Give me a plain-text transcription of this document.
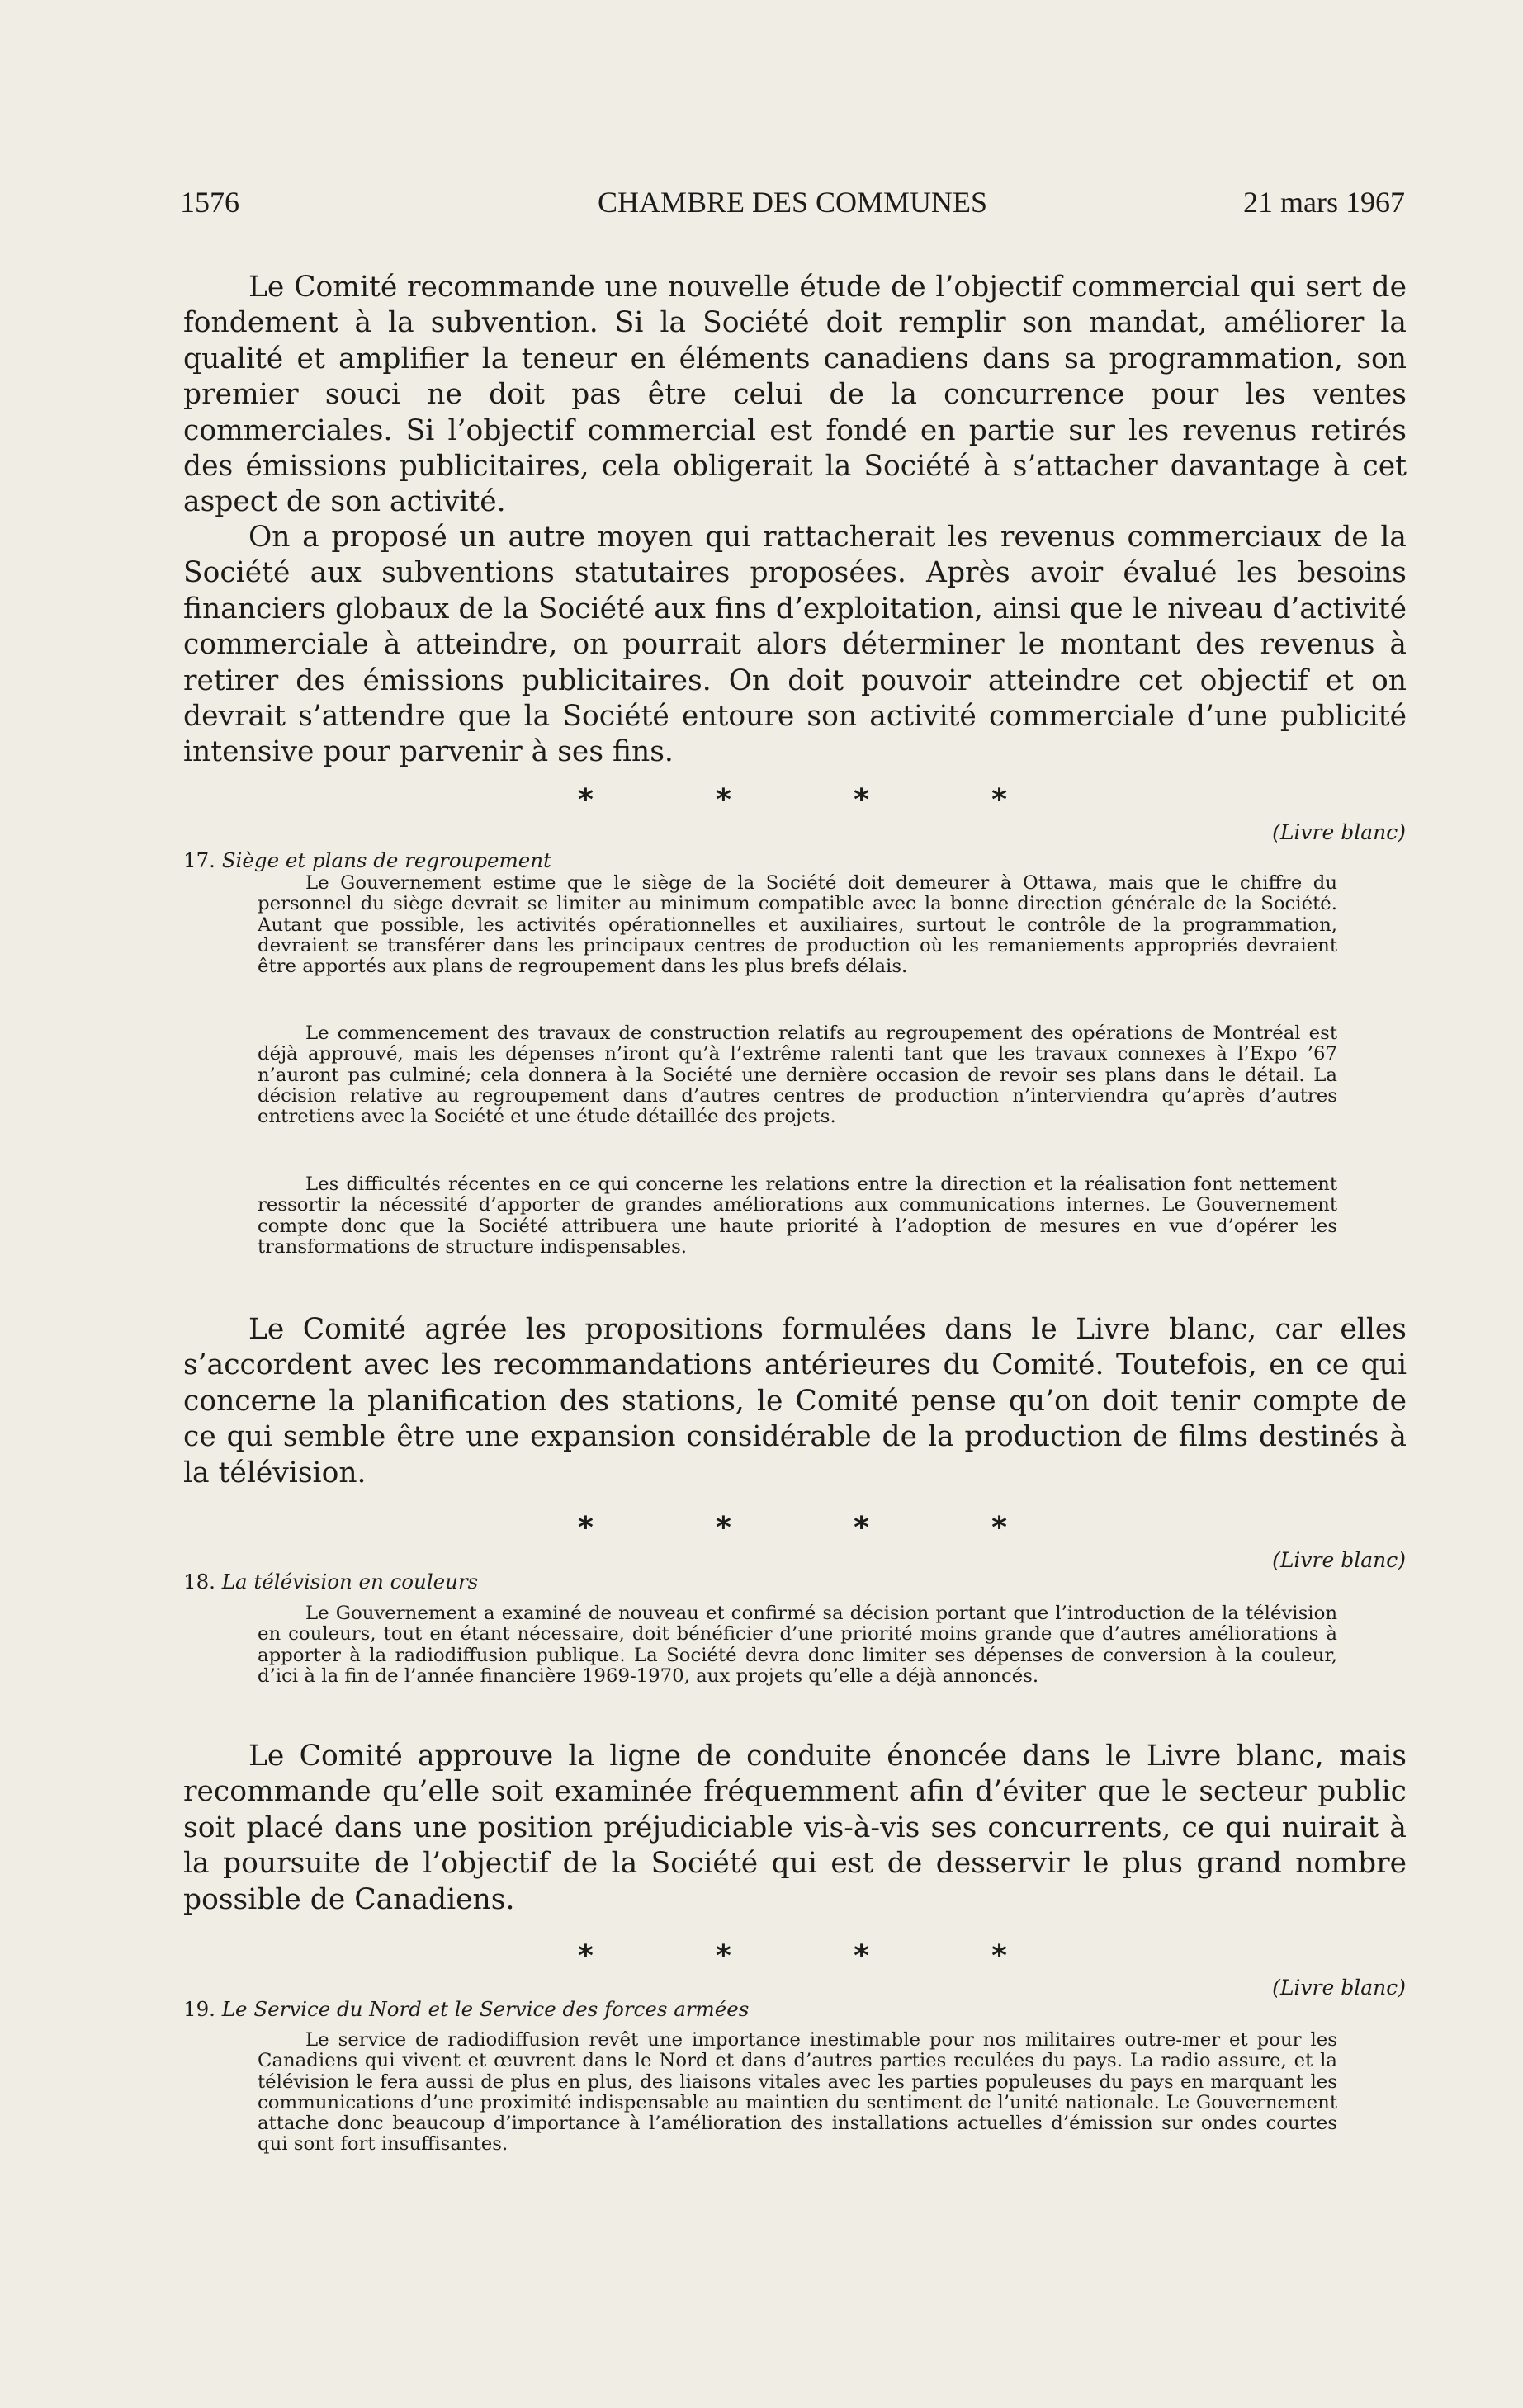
1576	CHAMBRE DES COMMUNES	21 mars 1967

Le Comité recommande une nouvelle étude de l’objectif commercial qui sert de fondement à la subvention. Si la Société doit remplir son mandat, améliorer la qualité et amplifier la teneur en éléments canadiens dans sa programmation, son premier souci ne doit pas être celui de la concurrence pour les ventes commerciales. Si l’objectif commercial est fondé en partie sur les revenus retirés des émissions publicitaires, cela obligerait la Société à s’attacher davantage à cet aspect de son activité.

On a proposé un autre moyen qui rattacherait les revenus commerciaux de la Société aux subventions statutaires proposées. Après avoir évalué les besoins financiers globaux de la Société aux fins d’exploitation, ainsi que le niveau d’activité commerciale à atteindre, on pourrait alors déterminer le montant des revenus à retirer des émissions publicitaires. On doit pouvoir atteindre cet objectif et on devrait s’attendre que la Société entoure son activité commerciale d’une publicité intensive pour parvenir à ses fins.

*	*	*	*
(Livre blanc)
17. Siège et plans de regroupement

Le Gouvernement estime que le siège de la Société doit demeurer à Ottawa, mais que le chiffre du personnel du siège devrait se limiter au minimum compatible avec la bonne direction générale de la Société. Autant que possible, les activités opérationnelles et auxiliaires, surtout le contrôle de la programmation, devraient se transférer dans les principaux centres de production où les remaniements appropriés devraient être apportés aux plans de regroupement dans les plus brefs délais.

Le commencement des travaux de construction relatifs au regroupement des opérations de Montréal est déjà approuvé, mais les dépenses n’iront qu’à l’extrême ralenti tant que les travaux connexes à l’Expo ’67 n’auront pas culminé; cela donnera à la Société une dernière occasion de revoir ses plans dans le détail. La décision relative au regroupement dans d’autres centres de production n’interviendra qu’après d’autres entretiens avec la Société et une étude détaillée des projets.

Les difficultés récentes en ce qui concerne les relations entre la direction et la réalisation font nettement ressortir la nécessité d’apporter de grandes améliorations aux communications internes. Le Gouvernement compte donc que la Société attribuera une haute priorité à l’adoption de mesures en vue d’opérer les transformations de structure indispensables.

Le Comité agrée les propositions formulées dans le Livre blanc, car elles s’accordent avec les recommandations antérieures du Comité. Toutefois, en ce qui concerne la planification des stations, le Comité pense qu’on doit tenir compte de ce qui semble être une expansion considérable de la production de films destinés à la télévision.

*	*	*	*
(Livre blanc)
18. La télévision en couleurs

Le Gouvernement a examiné de nouveau et confirmé sa décision portant que l’introduction de la télévision en couleurs, tout en étant nécessaire, doit bénéficier d’une priorité moins grande que d’autres améliorations à apporter à la radiodiffusion publique. La Société devra donc limiter ses dépenses de conversion à la couleur, d’ici à la fin de l’année financière 1969-1970, aux projets qu’elle a déjà annoncés.

Le Comité approuve la ligne de conduite énoncée dans le Livre blanc, mais recommande qu’elle soit examinée fréquemment afin d’éviter que le secteur public soit placé dans une position préjudiciable vis-à-vis ses concurrents, ce qui nuirait à la poursuite de l’objectif de la Société qui est de desservir le plus grand nombre possible de Canadiens.

*	*	*	*
(Livre blanc)
19. Le Service du Nord et le Service des forces armées

Le service de radiodiffusion revêt une importance inestimable pour nos militaires outre-mer et pour les Canadiens qui vivent et œuvrent dans le Nord et dans d’autres parties reculées du pays. La radio assure, et la télévision le fera aussi de plus en plus, des liaisons vitales avec les parties populeuses du pays en marquant les communications d’une proximité indispensable au maintien du sentiment de l’unité nationale. Le Gouvernement attache donc beaucoup d’importance à l’amélioration des installations actuelles d’émission sur ondes courtes qui sont fort insuffisantes.
